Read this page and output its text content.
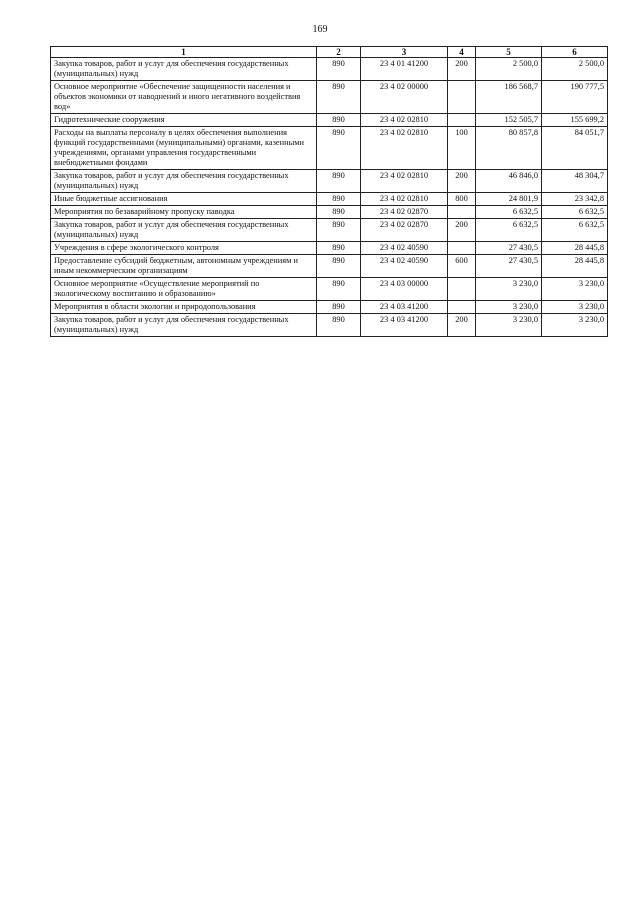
169
1	2	3	4	5	6
Закупка товаров, работ и услуг для обеспечения государственных (муниципальных) нужд	890	23 4 01 41200	200	2 500,0	2 500,0
Основное мероприятие «Обеспечение защищенности населения и объектов экономики от наводнений и иного негативного воздействия вод»	890	23 4 02 00000		186 568,7	190 777,5
Гидротехнические сооружения	890	23 4 02 02810		152 505,7	155 699,2
Расходы на выплаты персоналу в целях обеспечения выполнения функций государственными (муниципальными) органами, казенными учреждениями, органами управления государственными внебюджетными фондами	890	23 4 02 02810	100	80 857,8	84 051,7
Закупка товаров, работ и услуг для обеспечения государственных (муниципальных) нужд	890	23 4 02 02810	200	46 846,0	48 304,7
Иные бюджетные ассигнования	890	23 4 02 02810	800	24 801,9	23 342,8
Мероприятия по безаварийному пропуску паводка	890	23 4 02 02870		6 632,5	6 632,5
Закупка товаров, работ и услуг для обеспечения государственных (муниципальных) нужд	890	23 4 02 02870	200	6 632,5	6 632,5
Учреждения в сфере экологического контроля	890	23 4 02 40590		27 430,5	28 445,8
Предоставление субсидий бюджетным, автономным учреждениям и иным некоммерческим организациям	890	23 4 02 40590	600	27 430,5	28 445,8
Основное мероприятие «Осуществление мероприятий по экологическому воспитанию и образованию»	890	23 4 03 00000		3 230,0	3 230,0
Мероприятия в области экологии и природопользования	890	23 4 03 41200		3 230,0	3 230,0
Закупка товаров, работ и услуг для обеспечения государственных (муниципальных) нужд	890	23 4 03 41200	200	3 230,0	3 230,0
